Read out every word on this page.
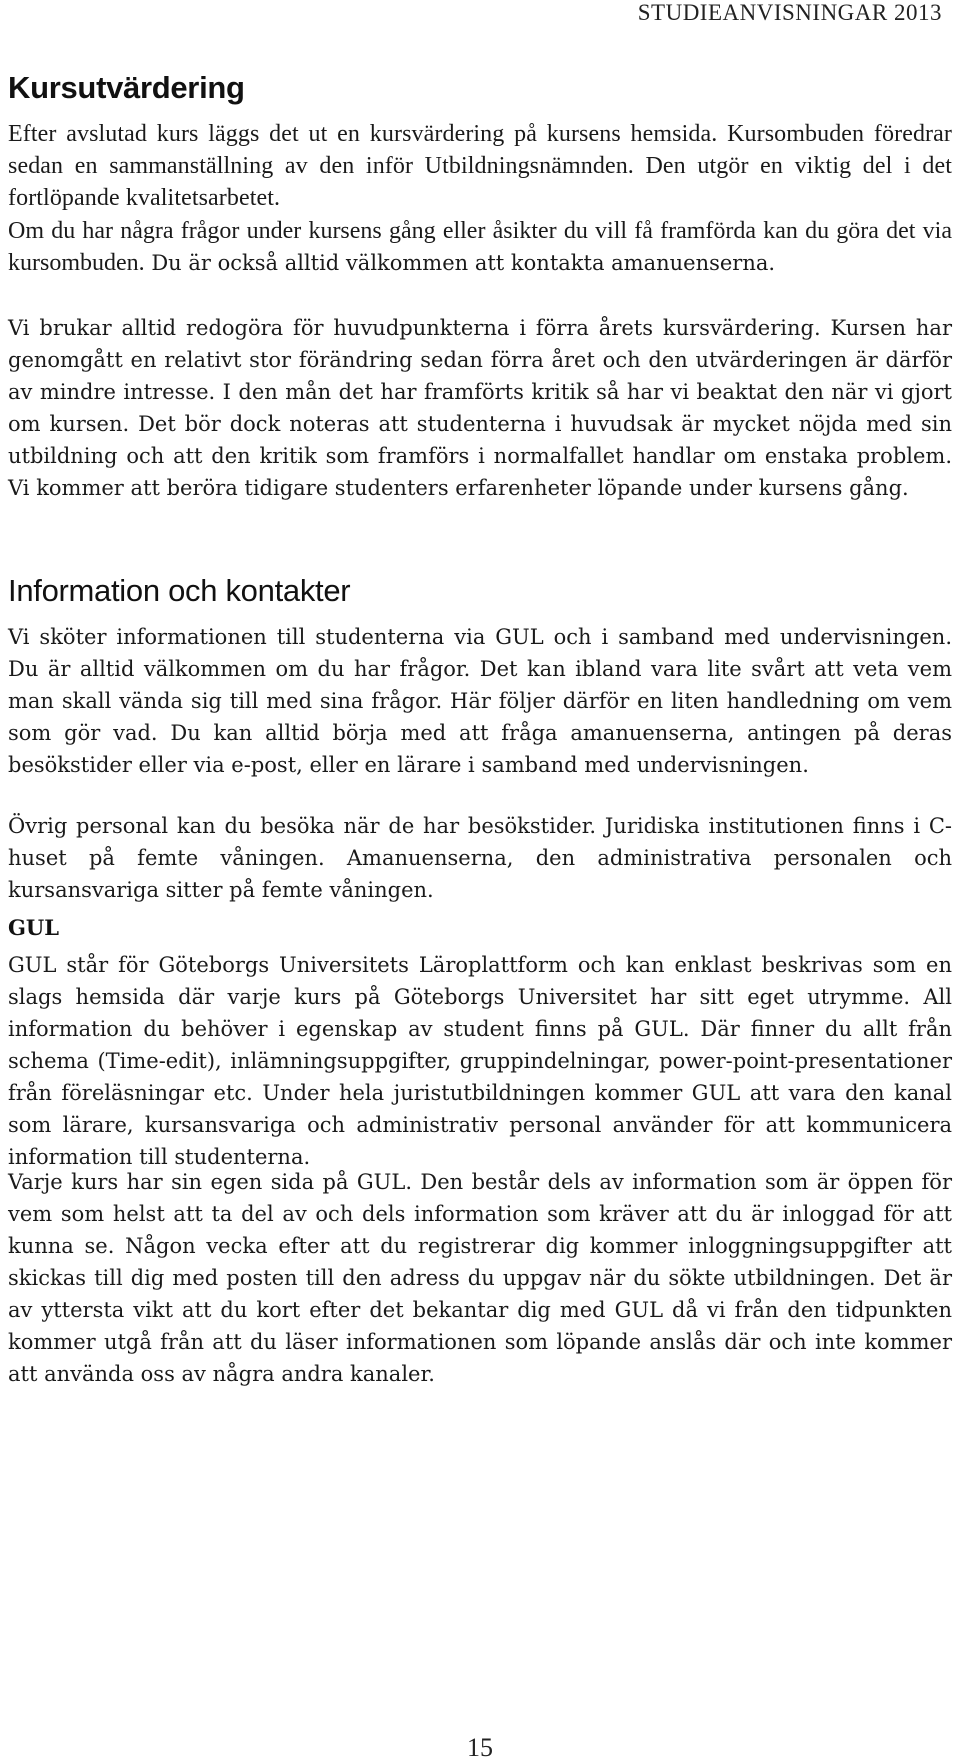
STUDIEANVISNINGAR 2013
Kursutvärdering

Efter avslutad kurs läggs det ut en kursvärdering på kursens hemsida. Kursombuden föredrar sedan en sammanställning av den inför Utbildningsnämnden. Den utgör en viktig del i det fortlöpande kvalitetsarbetet.

Om du har några frågor under kursens gång eller åsikter du vill få framförda kan du göra det via kursombuden. Du är också alltid välkommen att kontakta amanuenserna.

Vi brukar alltid redogöra för huvudpunkterna i förra årets kursvärdering. Kursen har genomgått en relativt stor förändring sedan förra året och den utvärderingen är därför av mindre intresse. I den mån det har framförts kritik så har vi beaktat den när vi gjort om kursen. Det bör dock noteras att studenterna i huvudsak är mycket nöjda med sin utbildning och att den kritik som framförs i normalfallet handlar om enstaka problem. Vi kommer att beröra tidigare studenters erfarenheter löpande under kursens gång.

Information och kontakter

Vi sköter informationen till studenterna via GUL och i samband med undervisningen. Du är alltid välkommen om du har frågor. Det kan ibland vara lite svårt att veta vem man skall vända sig till med sina frågor. Här följer därför en liten handledning om vem som gör vad. Du kan alltid börja med att fråga amanuenserna, antingen på deras besökstider eller via e-post, eller en lärare i samband med undervisningen.

Övrig personal kan du besöka när de har besökstider. Juridiska institutionen finns i C-huset på femte våningen. Amanuenserna, den administrativa personalen och kursansvariga sitter på femte våningen.

GUL

GUL står för Göteborgs Universitets Läroplattform och kan enklast beskrivas som en slags hemsida där varje kurs på Göteborgs Universitet har sitt eget utrymme. All information du behöver i egenskap av student finns på GUL. Där finner du allt från schema (Time-edit), inlämningsuppgifter, gruppindelningar, power-point-presentationer från föreläsningar etc. Under hela juristutbildningen kommer GUL att vara den kanal som lärare, kursansvariga och administrativ personal använder för att kommunicera information till studenterna.

Varje kurs har sin egen sida på GUL. Den består dels av information som är öppen för vem som helst att ta del av och dels information som kräver att du är inloggad för att kunna se. Någon vecka efter att du registrerar dig kommer inloggningsuppgifter att skickas till dig med posten till den adress du uppgav när du sökte utbildningen. Det är av yttersta vikt att du kort efter det bekantar dig med GUL då vi från den tidpunkten kommer utgå från att du läser informationen som löpande anslås där och inte kommer att använda oss av några andra kanaler.

15
